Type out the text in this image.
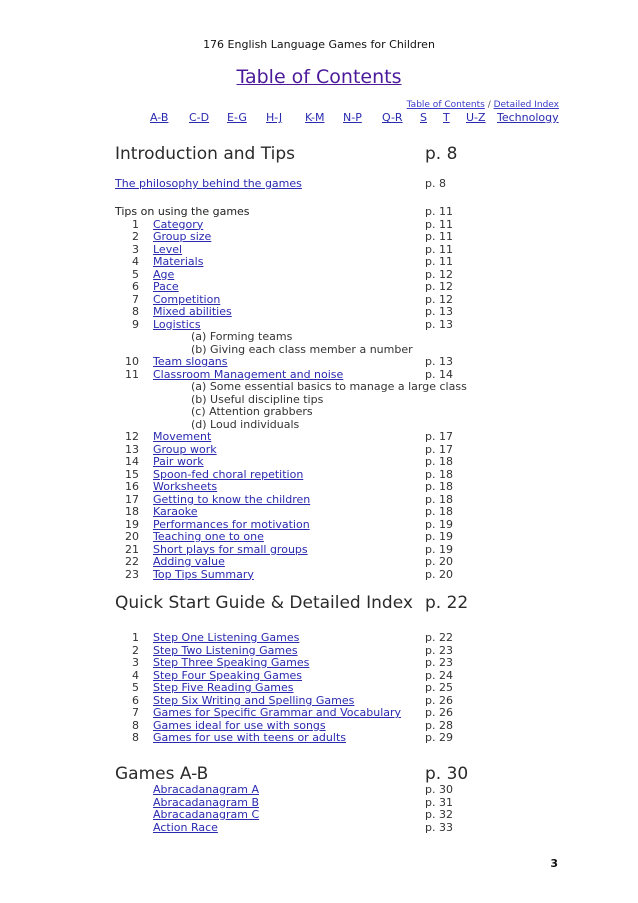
176 English Language Games for Children
Table of Contents
Table of Contents / Detailed Index
A-B C-D E-G H-J K-M N-P Q-R S T U-Z Technology
Introduction and Tips	p. 8
Quick Start Guide & Detailed Index p. 22
Games A-B	p. 30
The philosophy behind the games	p. 8
Tips on using the games	p. 11
1 Category	p. 11
2 Group size	p. 11
3 Level	p. 11
4 Materials	p. 11
5 Age	p. 12
6 Pace	p. 12
7 Competition	p. 12
8 Mixed abilities	p. 13
9 Logistics	p. 13
(a) Forming teams
(b) Giving each class member a number
10 Team slogans	p. 13
11 Classroom Management and noise	p. 14
(a) Some essential basics to manage a large class
(b) Useful discipline tips
(c) Attention grabbers
(d) Loud individuals
12 Movement	p. 17
13 Group work	p. 17
14 Pair work	p. 18
15 Spoon-fed choral repetition	p. 18
16 Worksheets	p. 18
17 Getting to know the children	p. 18
18 Karaoke	p. 18
19 Performances for motivation	p. 19
20 Teaching one to one	p. 19
21 Short plays for small groups	p. 19
22 Adding value	p. 20
23 Top Tips Summary	p. 20
1 Step One Listening Games	p. 22
2 Step Two Listening Games	p. 23
3 Step Three Speaking Games	p. 23
4 Step Four Speaking Games	p. 24
5 Step Five Reading Games	p. 25
6 Step Six Writing and Spelling Games	p. 26
7 Games for Specific Grammar and Vocabulary p. 26
8 Games ideal for use with songs	p. 28
8 Games for use with teens or adults	p. 29
Abracadanagram A	p. 30
Abracadanagram B	p. 31
Abracadanagram C	p. 32
Action Race	p. 33
3
